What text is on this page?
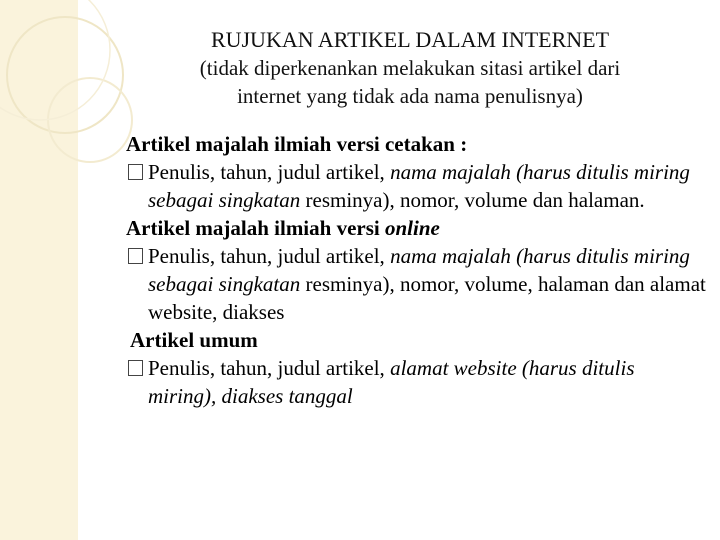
RUJUKAN ARTIKEL DALAM INTERNET
(tidak diperkenankan melakukan sitasi artikel dari
internet yang tidak ada nama penulisnya)

Artikel majalah ilmiah versi cetakan :

Penulis, tahun, judul artikel, nama majalah (harus ditulis miring sebagai singkatan resminya), nomor, volume dan halaman.

Artikel majalah ilmiah versi online

Penulis, tahun, judul artikel, nama majalah (harus ditulis miring sebagai singkatan resminya), nomor, volume, halaman dan alamat website, diakses

Artikel umum

Penulis, tahun, judul artikel, alamat website (harus ditulis miring), diakses tanggal
